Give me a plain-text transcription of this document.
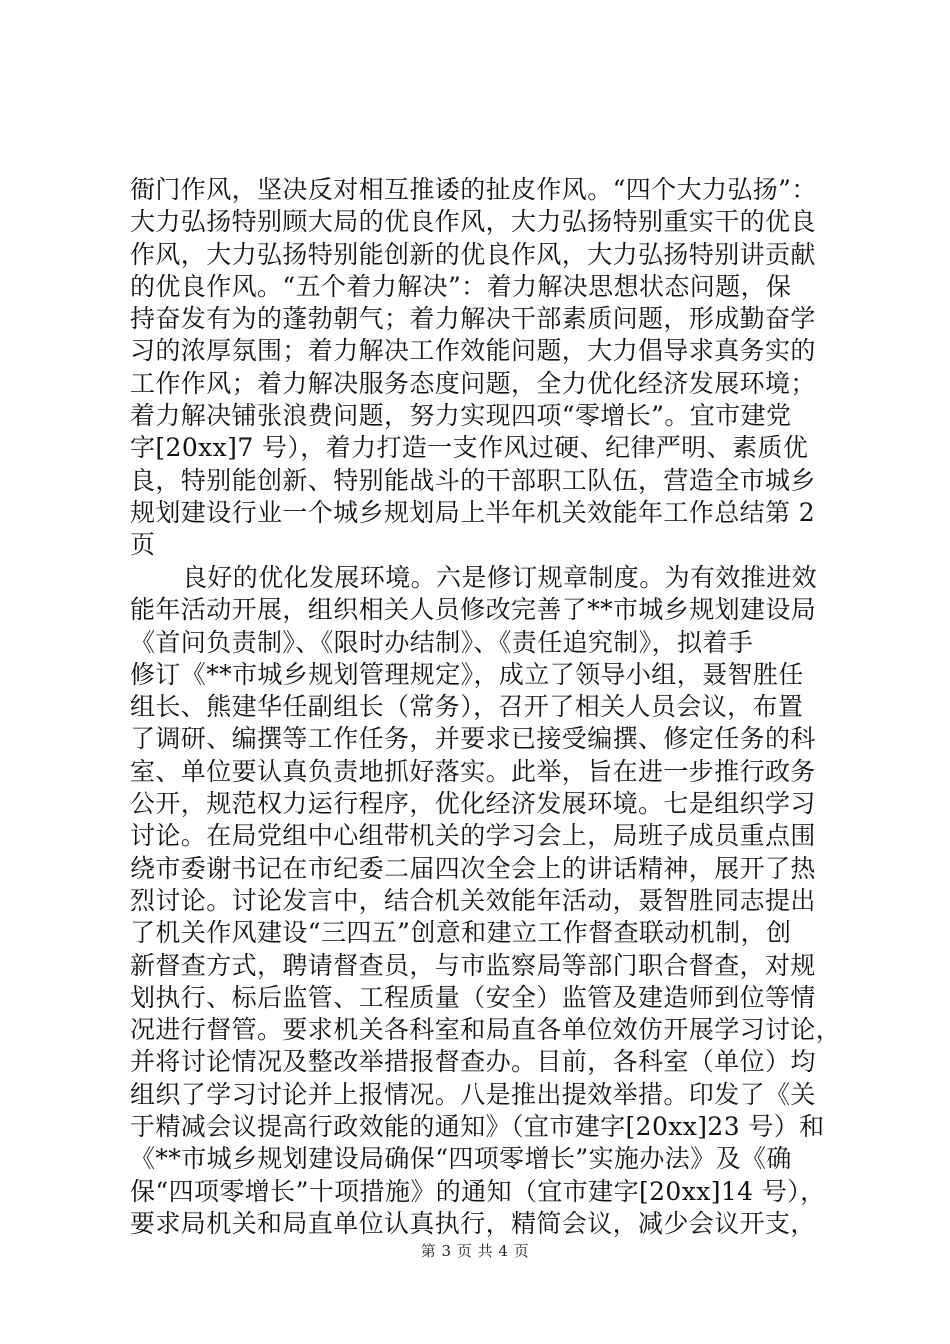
衙门作风，坚决反对相互推诿的扯皮作风。“四个大力弘扬”：
大力弘扬特别顾大局的优良作风，大力弘扬特别重实干的优良
作风，大力弘扬特别能创新的优良作风，大力弘扬特别讲贡献
的优良作风。“五个着力解决”：着力解决思想状态问题，保
持奋发有为的蓬勃朝气；着力解决干部素质问题，形成勤奋学
习的浓厚氛围；着力解决工作效能问题，大力倡导求真务实的
工作作风；着力解决服务态度问题，全力优化经济发展环境；
着力解决铺张浪费问题，努力实现四项“零增长”。宜市建党
字[20xx]7 号），着力打造一支作风过硬、纪律严明、素质优
良，特别能创新、特别能战斗的干部职工队伍，营造全市城乡
规划建设行业一个城乡规划局上半年机关效能年工作总结第 2
页
良好的优化发展环境。六是修订规章制度。为有效推进效
能年活动开展，组织相关人员修改完善了**市城乡规划建设局
《首问负责制》、《限时办结制》、《责任追究制》，拟着手
修订《**市城乡规划管理规定》，成立了领导小组，聂智胜任
组长、熊建华任副组长（常务），召开了相关人员会议，布置
了调研、编撰等工作任务，并要求已接受编撰、修定任务的科
室、单位要认真负责地抓好落实。此举，旨在进一步推行政务
公开，规范权力运行程序，优化经济发展环境。七是组织学习
讨论。在局党组中心组带机关的学习会上，局班子成员重点围
绕市委谢书记在市纪委二届四次全会上的讲话精神，展开了热
烈讨论。讨论发言中，结合机关效能年活动，聂智胜同志提出
了机关作风建设“三四五”创意和建立工作督查联动机制，创
新督查方式，聘请督查员，与市监察局等部门职合督查，对规
划执行、标后监管、工程质量（安全）监管及建造师到位等情
况进行督管。要求机关各科室和局直各单位效仿开展学习讨论，
并将讨论情况及整改举措报督查办。目前，各科室（单位）均
组织了学习讨论并上报情况。八是推出提效举措。印发了《关
于精减会议提高行政效能的通知》（宜市建字[20xx]23 号）和
《**市城乡规划建设局确保“四项零增长”实施办法》及《确
保“四项零增长”十项措施》的通知（宜市建字[20xx]14 号），
要求局机关和局直单位认真执行，精简会议，减少会议开支，
第 3 页 共 4 页
